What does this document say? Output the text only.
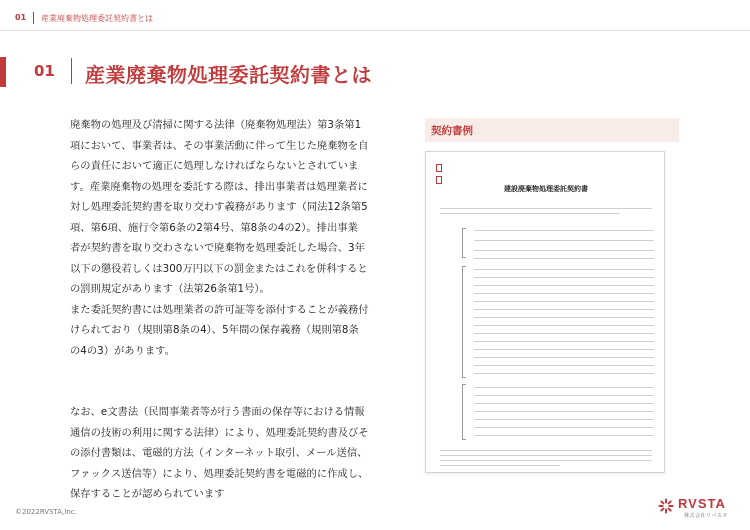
01 産業廃棄物処理委託契約書とは
01 産業廃棄物処理委託契約書とは

廃棄物の処理及び清掃に関する法律（廃棄物処理法）第3条第1
項において、事業者は、その事業活動に伴って生じた廃棄物を自
らの責任において適正に処理しなければならないとされていま
す。産業廃棄物の処理を委託する際は、排出事業者は処理業者に
対し処理委託契約書を取り交わす義務があります（同法12条第5
項、第6項、施行令第6条の2第4号、第8条の4の2）。排出事業
者が契約書を取り交わさないで廃棄物を処理委託した場合、3年
以下の懲役若しくは300万円以下の罰金またはこれを併科すると
の罰則規定があります（法第26条第1号）。
また委託契約書には処理業者の許可証等を添付することが義務付
けられており（規則第8条の4）、5年間の保存義務（規則第8条
の4の3）があります。

なお、e文書法（民間事業者等が行う書面の保存等における情報
通信の技術の利用に関する法律）により、処理委託契約書及びそ
の添付書類は、電磁的方法（インターネット取引、メール送信、
ファックス送信等）により、処理委託契約書を電磁的に作成し、
保存することが認められています

契約書例
建設廃棄物処理委託契約書
©2022RVSTA,Inc.
RVSTA
株式会社リバスタ
